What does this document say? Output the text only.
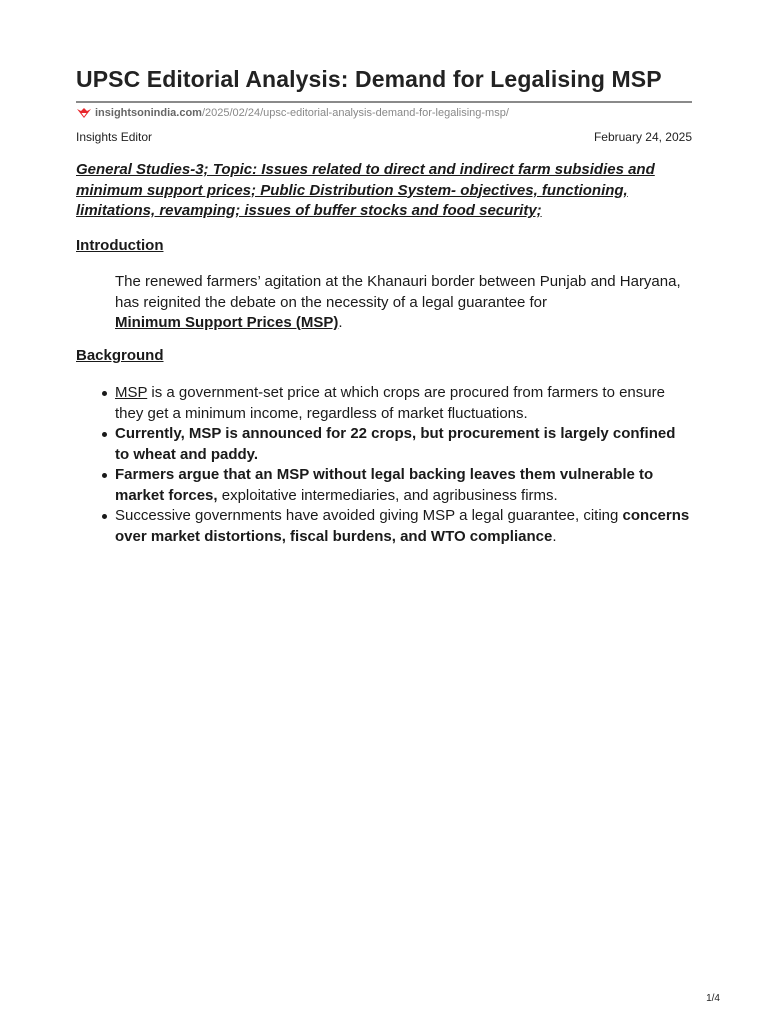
UPSC Editorial Analysis: Demand for Legalising MSP
insightsonindia.com /2025/02/24/upsc-editorial-analysis-demand-for-legalising-msp/
Insights Editor	February 24, 2025
General Studies-3; Topic: Issues related to direct and indirect farm subsidies and minimum support prices; Public Distribution System- objectives, functioning, limitations, revamping; issues of buffer stocks and food security;
Introduction

The renewed farmers’ agitation at the Khanauri border between Punjab and Haryana, has reignited the debate on the necessity of a legal guarantee for
Minimum Support Prices (MSP).

Background
MSP is a government-set price at which crops are procured from farmers to ensure they get a minimum income, regardless of market fluctuations.
Currently, MSP is announced for 22 crops, but procurement is largely confined to wheat and paddy.
Farmers argue that an MSP without legal backing leaves them vulnerable to market forces, exploitative intermediaries, and agribusiness firms.
Successive governments have avoided giving MSP a legal guarantee, citing concerns over market distortions, fiscal burdens, and WTO compliance.
1/4
